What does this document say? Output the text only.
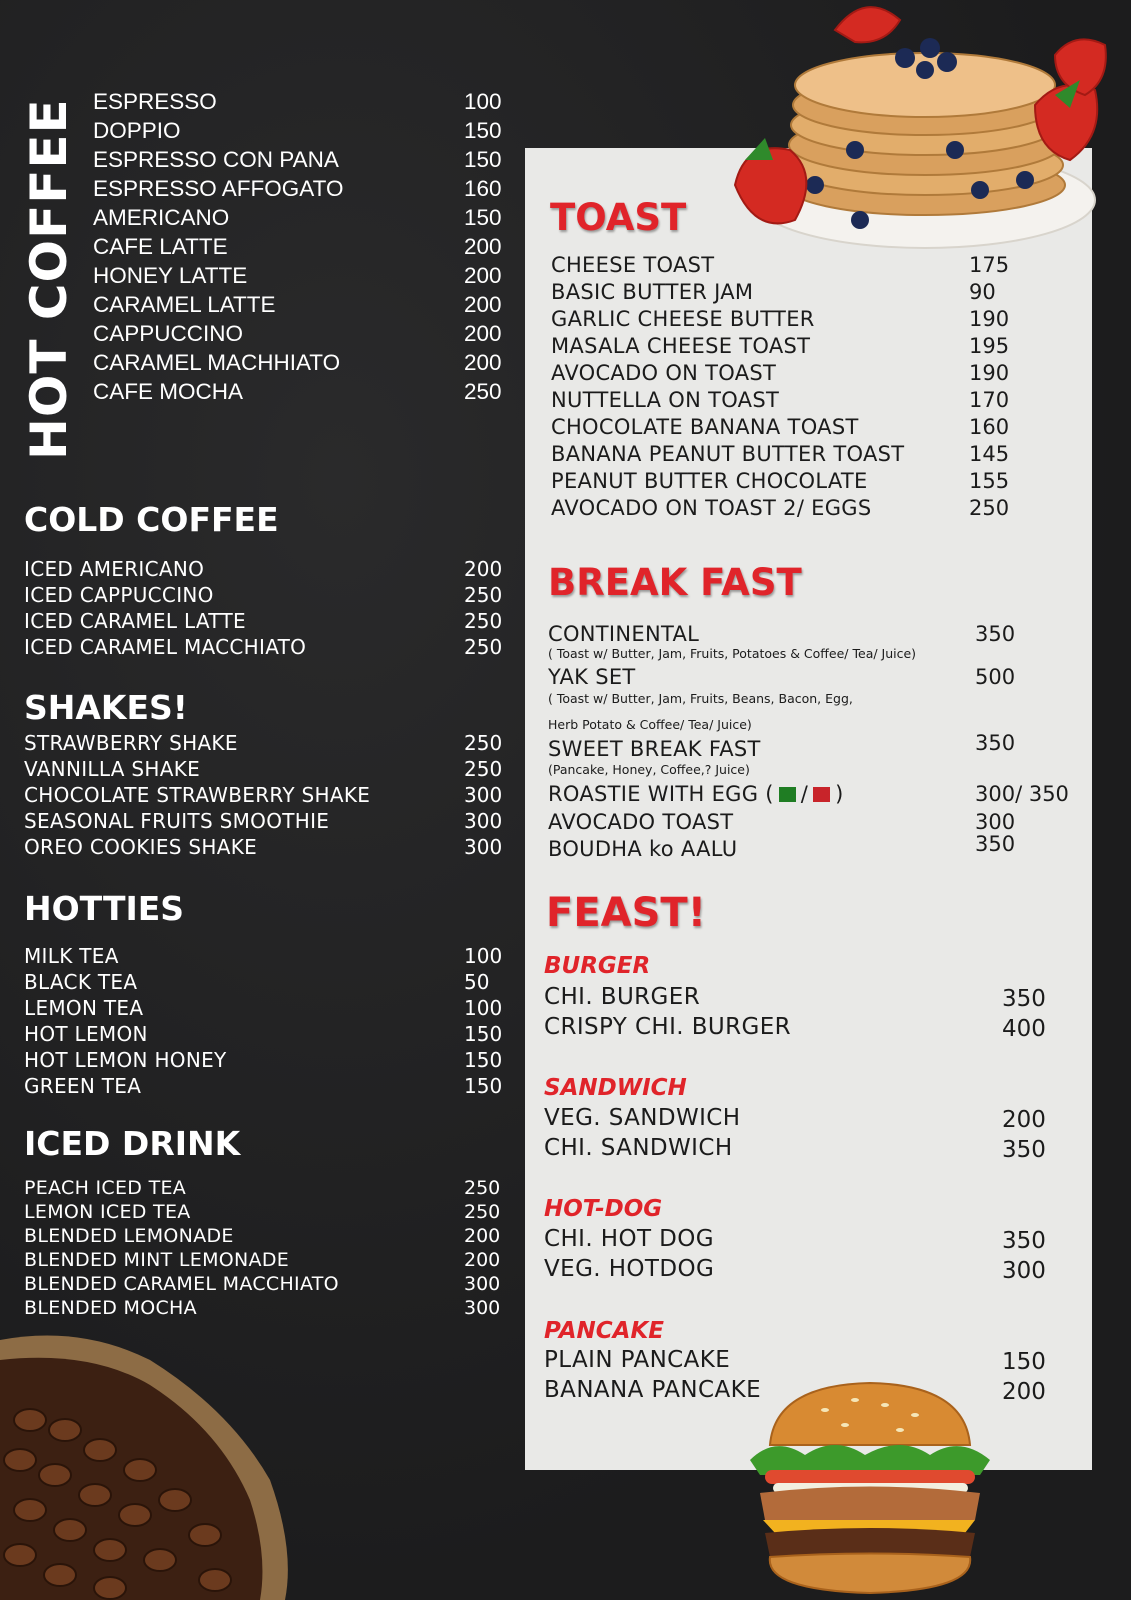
HOT COFFEE ESPRESSO	100
DOPPIO	150
ESPRESSO CON PANA	150
ESPRESSO AFFOGATO	160
AMERICANO	150
CAFE LATTE	200
HONEY LATTE	200
CARAMEL LATTE	200
CAPPUCCINO	200
CARAMEL MACHHIATO	200
CAFE MOCHA	250
COLD COFFEE
ICED AMERICANO	200
ICED CAPPUCCINO	250
ICED CARAMEL LATTE	250
ICED CARAMEL MACCHIATO	250
SHAKES!
STRAWBERRY SHAKE	250
VANNILLA SHAKE	250
CHOCOLATE STRAWBERRY SHAKE	300
SEASONAL FRUITS SMOOTHIE	300
OREO COOKIES SHAKE	300
HOTTIES
MILK TEA	100
BLACK TEA	50
LEMON TEA	100
HOT LEMON	150
HOT LEMON HONEY	150
GREEN TEA	150
ICED DRINK
PEACH ICED TEA	250
LEMON ICED TEA	250
BLENDED LEMONADE	200
BLENDED MINT LEMONADE	200
BLENDED CARAMEL MACCHIATO	300
BLENDED MOCHA	300
TOAST
CHEESE TOAST	175
BASIC BUTTER JAM	90
GARLIC CHEESE BUTTER	190
MASALA CHEESE TOAST	195
AVOCADO ON TOAST	190
NUTTELLA ON TOAST	170
CHOCOLATE BANANA TOAST	160
BANANA PEANUT BUTTER TOAST	145
PEANUT BUTTER CHOCOLATE	155
AVOCADO ON TOAST 2/ EGGS	250
BREAK FAST
CONTINENTAL	350
( Toast w/ Butter, Jam, Fruits, Potatoes & Coffee/ Tea/ Juice)
YAK SET	500
( Toast w/ Butter, Jam, Fruits, Beans, Bacon, Egg,
Herb Potato & Coffee/ Tea/ Juice)
SWEET BREAK FAST	350
(Pancake, Honey, Coffee,? Juice)
ROASTIE WITH EGG ( / )	300/ 350
AVOCADO TOAST	300
BOUDHA ko AALU	350
FEAST!
BURGER
CHI. BURGER	350
CRISPY CHI. BURGER	400
SANDWICH
VEG. SANDWICH	200
CHI. SANDWICH	350
HOT-DOG
CHI. HOT DOG	350
VEG. HOTDOG	300
PANCAKE
PLAIN PANCAKE	150
BANANA PANCAKE	200
